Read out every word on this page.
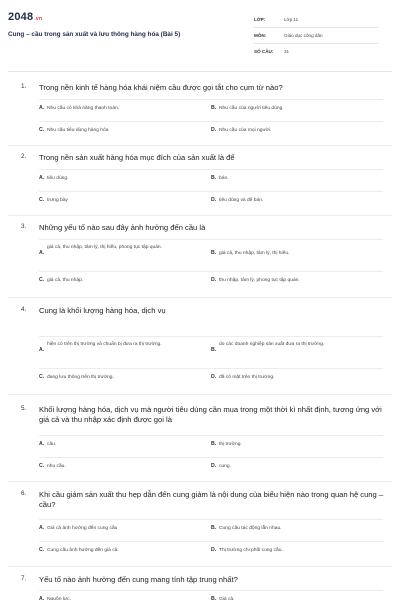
2048.vn
Cung – cầu trong sản xuất và lưu thông hàng hóa (Bài 5)
LỚP:	Lớp 11
MÔN:	Giáo dục công dân
SỐ CÂU: 31
1. Trong nền kinh tế hàng hóa khái niệm cầu được gọi tắt cho cụm từ nào?
A. Nhu cầu có khả năng thanh toán.	B. Nhu cầu của người tiêu dùng.
C. Nhu cầu tiêu dùng hàng hóa	D. Nhu cầu của mọi người.
2. Trong nền sản xuất hàng hóa mục đích của sản xuất là để
A. tiêu dùng.	B. bán.
C. trưng bày	D. tiêu dùng và để bán.
3. Những yếu tố nào sau đây ảnh hưởng đến cầu là
A.
giá cả, thu nhập, tâm lý, thị hiếu, phong tục tập quán.
B. giá cả, thu nhập, tâm lý, thị hiếu.
C. giá cả, thu nhập.	D. thu nhập, tâm lý, phong tục tập quán.
4. Cung là khối lượng hàng hóa, dịch vụ
A.
hiện có trên thị trường và chuẩn bị đưa ra thị trường.
B.
do các doanh nghiệp sản xuất đưa ra thị trường.
C. đang lưu thông trên thị trường.	D. đã có mặt trên thị trường.
5. Khối lượng hàng hóa, dịch vụ mà người tiêu dùng cần mua trong một thời kì nhất định, tương ứng với giá cả và thu nhập xác định được gọi là
A. cầu.	B. thị trường.
C. nhu cầu.	D. cung.
6. Khi cầu giảm sản xuất thu hẹp dẫn đến cung giảm là nội dung của biểu hiện nào trong quan hệ cung – cầu?
A. Giá cả ảnh hưởng đến cung cầu	B. Cung cầu tác động lẫn nhau.
C. Cung cầu ảnh hưởng đến giá cả.	D. Thị trường chi phối cung cầu.
7. Yếu tố nào ảnh hưởng đến cung mang tính tập trung nhất?
A. Nguồn lực.	B. Giá cả.
